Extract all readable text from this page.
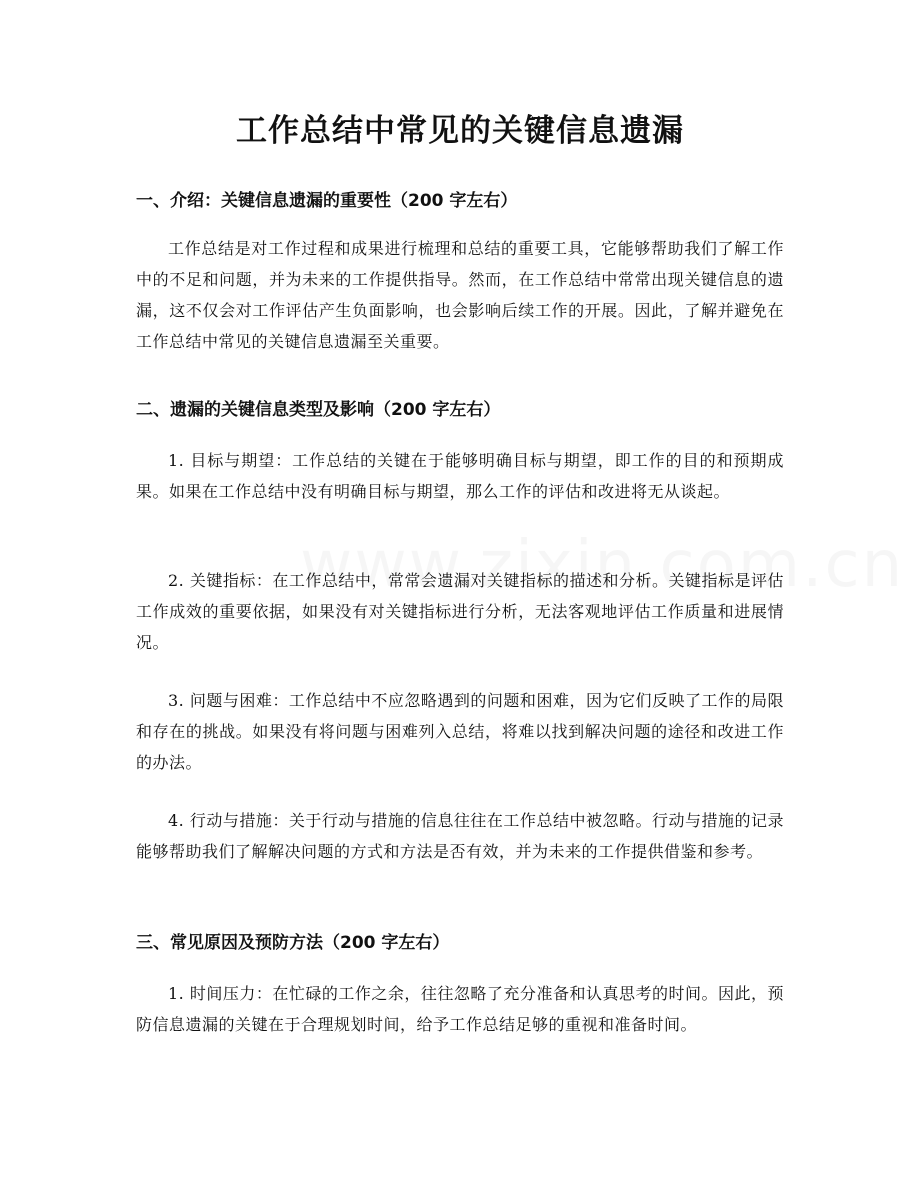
工作总结中常见的关键信息遗漏
一、介绍：关键信息遗漏的重要性（200 字左右）

工作总结是对工作过程和成果进行梳理和总结的重要工具，它能够帮助我们了解工作中的不足和问题，并为未来的工作提供指导。然而，在工作总结中常常出现关键信息的遗漏，这不仅会对工作评估产生负面影响，也会影响后续工作的开展。因此，了解并避免在工作总结中常见的关键信息遗漏至关重要。

二、遗漏的关键信息类型及影响（200 字左右）

1. 目标与期望：工作总结的关键在于能够明确目标与期望，即工作的目的和预期成果。如果在工作总结中没有明确目标与期望，那么工作的评估和改进将无从谈起。

2. 关键指标：在工作总结中，常常会遗漏对关键指标的描述和分析。关键指标是评估工作成效的重要依据，如果没有对关键指标进行分析，无法客观地评估工作质量和进展情况。

3. 问题与困难：工作总结中不应忽略遇到的问题和困难，因为它们反映了工作的局限和存在的挑战。如果没有将问题与困难列入总结，将难以找到解决问题的途径和改进工作的办法。

4. 行动与措施：关于行动与措施的信息往往在工作总结中被忽略。行动与措施的记录能够帮助我们了解解决问题的方式和方法是否有效，并为未来的工作提供借鉴和参考。

三、常见原因及预防方法（200 字左右）

1. 时间压力：在忙碌的工作之余，往往忽略了充分准备和认真思考的时间。因此，预防信息遗漏的关键在于合理规划时间，给予工作总结足够的重视和准备时间。
